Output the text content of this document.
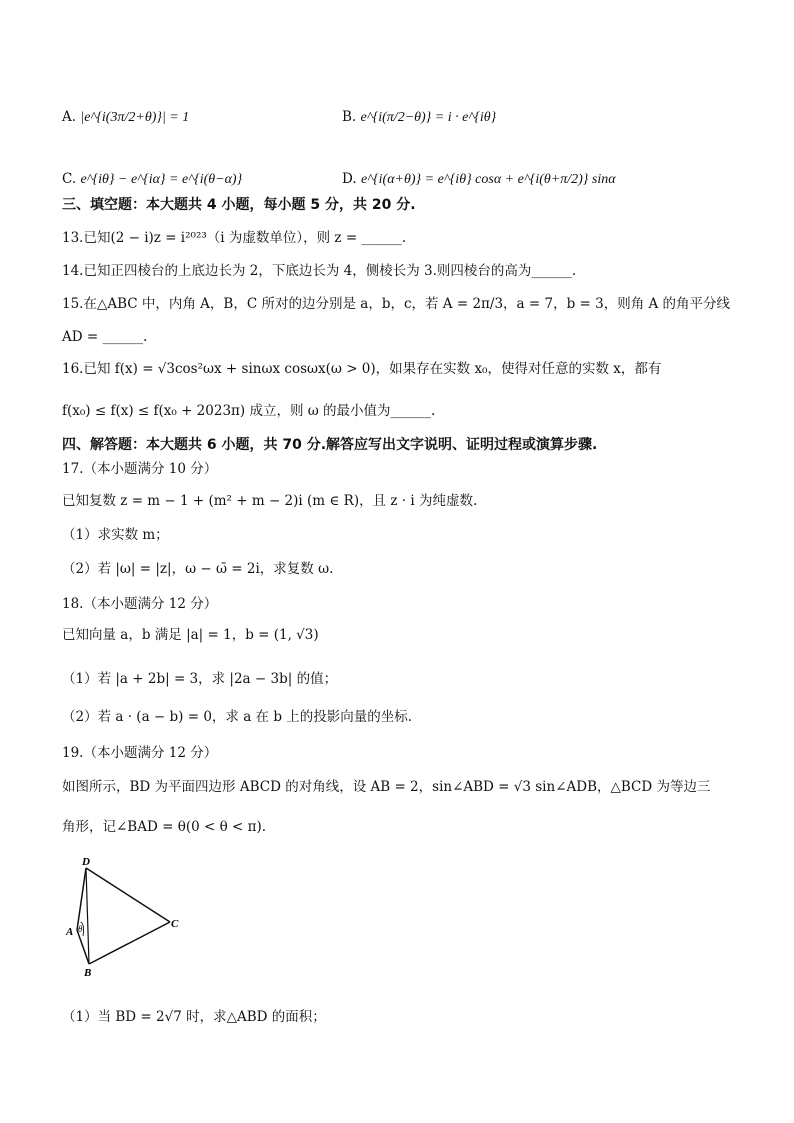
A. |e^{i(3π/2+θ)}| = 1	B. e^{i(π/2−θ)} = i · e^{iθ}
C. e^{iθ} − e^{iα} = e^{i(θ−α)}	D. e^{i(α+θ)} = e^{iθ} cosα + e^{i(θ+π/2)} sinα
三、填空题：本大题共 4 小题，每小题 5 分，共 20 分.
13.已知(2 − i)z = i²⁰²³（i 为虚数单位），则 z = ______.
14.已知正四棱台的上底边长为 2，下底边长为 4，侧棱长为 3.则四棱台的高为______.
15.在△ABC 中，内角 A，B，C 所对的边分别是 a，b，c，若 A = 2π/3，a = 7，b = 3，则角 A 的角平分线
AD = ______.
16.已知 f(x) = √3cos²ωx + sinωx cosωx(ω > 0)，如果存在实数 x₀，使得对任意的实数 x，都有
f(x₀) ≤ f(x) ≤ f(x₀ + 2023π) 成立，则 ω 的最小值为______.
四、解答题：本大题共 6 小题，共 70 分.解答应写出文字说明、证明过程或演算步骤.
17.（本小题满分 10 分）
已知复数 z = m − 1 + (m² + m − 2)i (m ∈ R)，且 z · i 为纯虚数.
（1）求实数 m；
（2）若 |ω| = |z|，ω − ω̄ = 2i，求复数 ω.
18.（本小题满分 12 分）
已知向量 a，b 满足 |a| = 1，b = (1, √3)
（1）若 |a + 2b| = 3，求 |2a − 3b| 的值；
（2）若 a · (a − b) = 0，求 a 在 b 上的投影向量的坐标.
19.（本小题满分 12 分）
如图所示，BD 为平面四边形 ABCD 的对角线，设 AB = 2，sin∠ABD = √3 sin∠ADB，△BCD 为等边三
角形，记∠BAD = θ(0 < θ < π).
D
A θ
B
C
（1）当 BD = 2√7 时，求△ABD 的面积；
